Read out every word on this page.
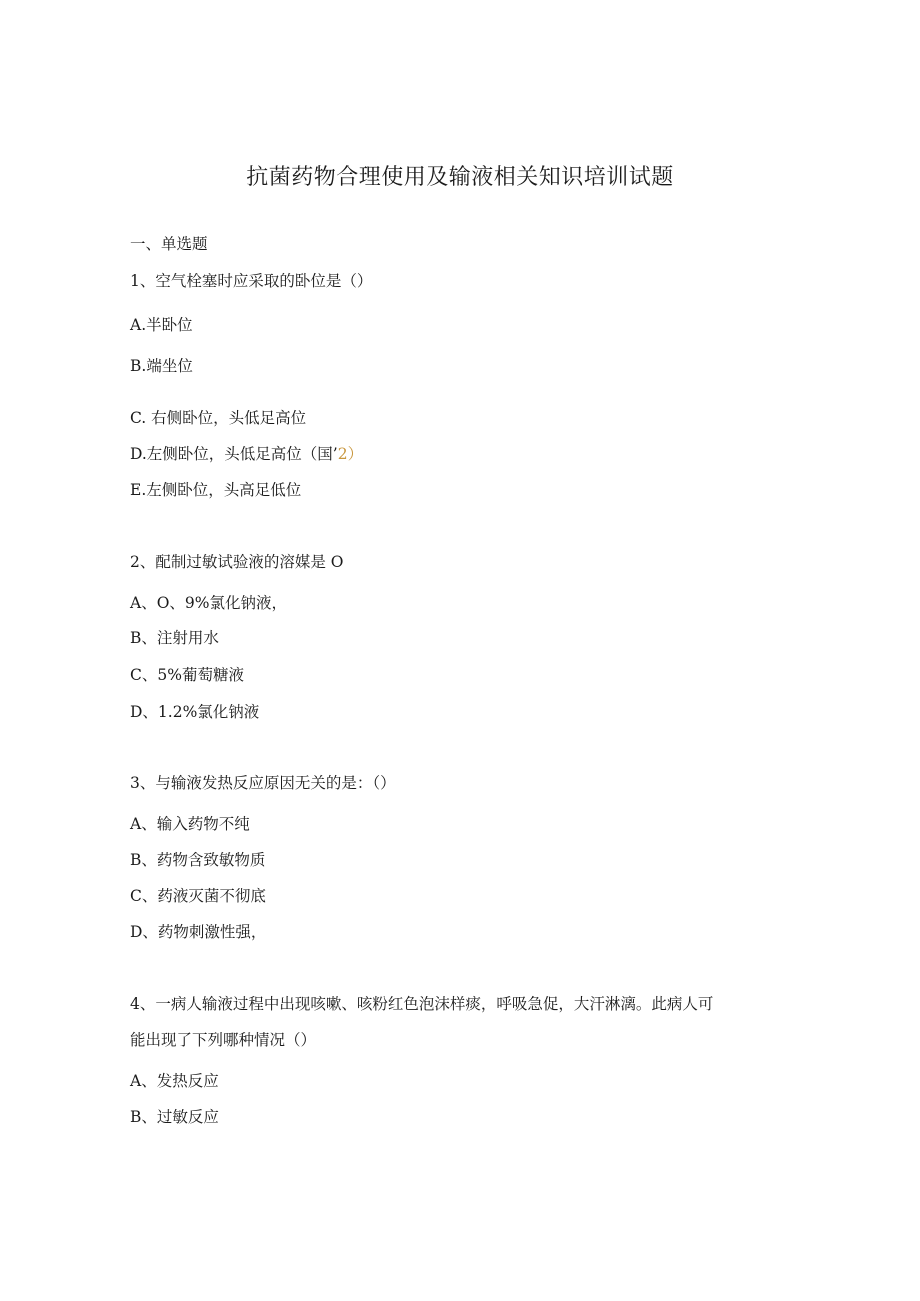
抗菌药物合理使用及输液相关知识培训试题
一、单选题
1、空气栓塞时应采取的卧位是（）
A.半卧位
B.端坐位
C. 右侧卧位，头低足高位
D.左侧卧位，头低足高位（国’2）
E.左侧卧位，头高足低位
2、配制过敏试验液的溶媒是 O
A、O、9%氯化钠液，
B、注射用水
C、5%葡萄糖液
D、1.2%氯化钠液
3、与输液发热反应原因无关的是：（）
A、输入药物不纯
B、药物含致敏物质
C、药液灭菌不彻底
D、药物刺激性强，
4、一病人输液过程中出现咳嗽、咳粉红色泡沫样痰，呼吸急促，大汗淋漓。此病人可
能出现了下列哪种情况（）
A、发热反应
B、过敏反应
